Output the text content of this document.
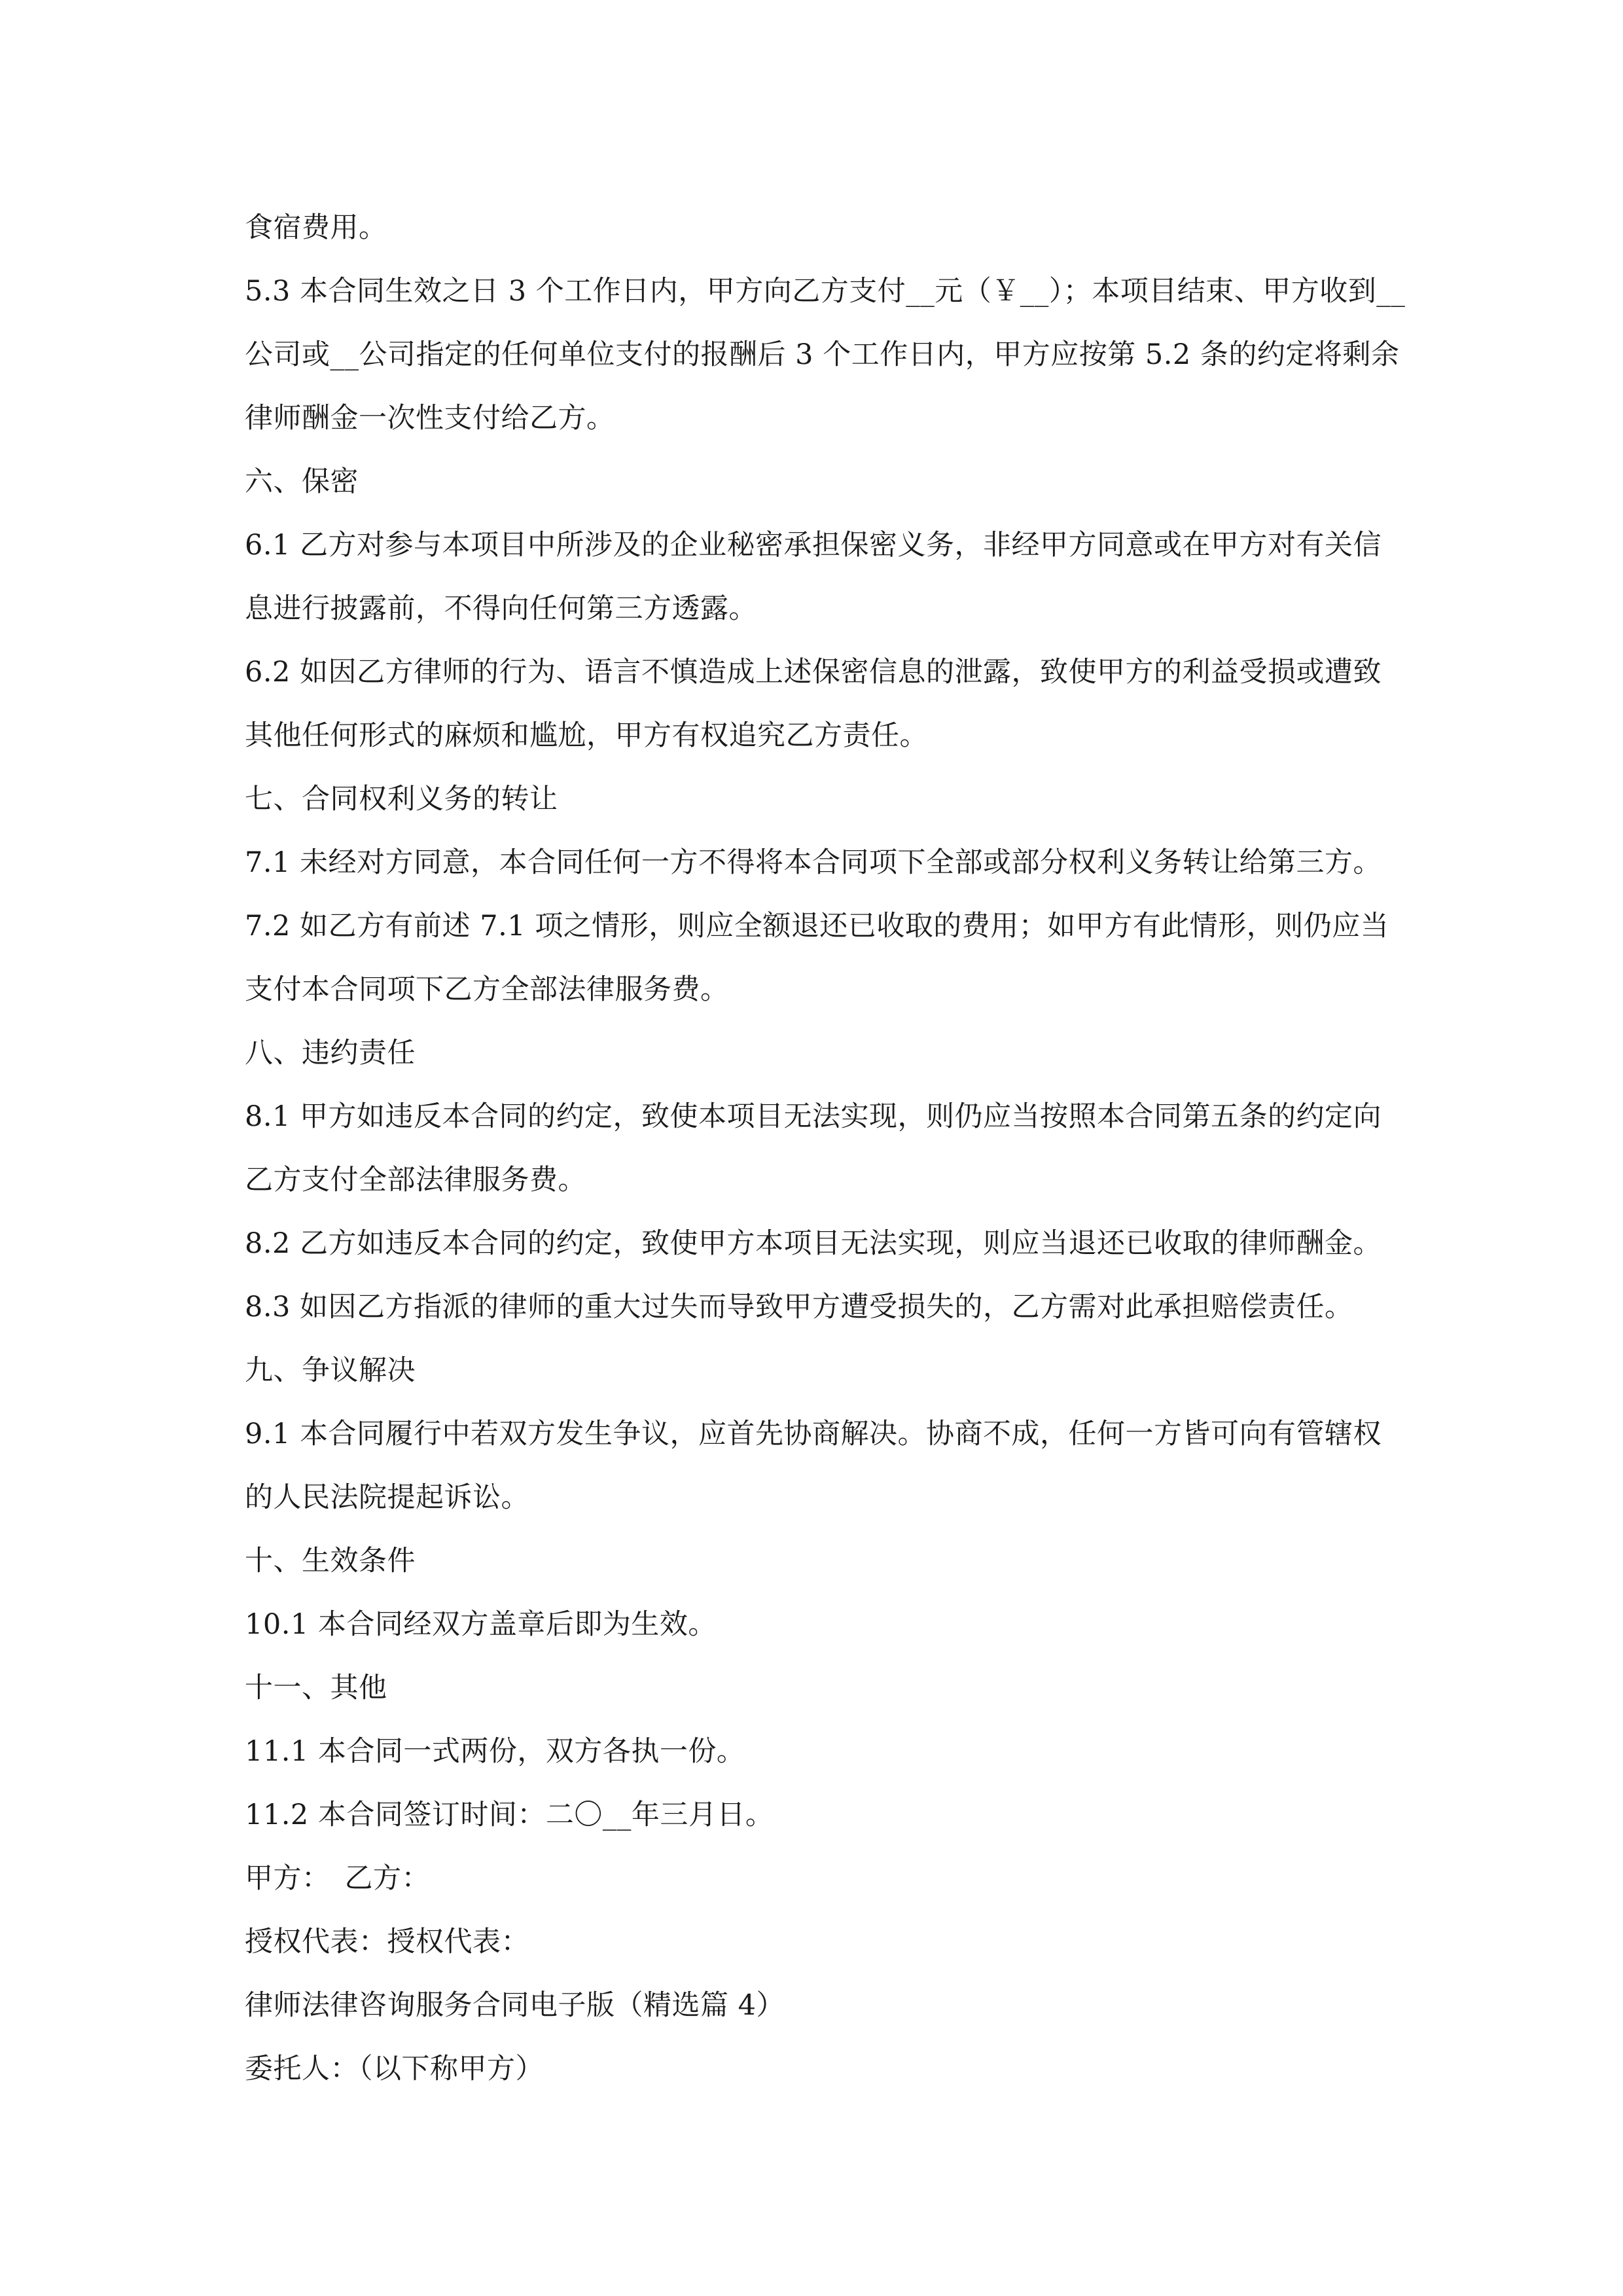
食宿费用。
5.3 本合同生效之日 3 个工作日内，甲方向乙方支付__元（￥__）；本项目结束、甲方收到__
公司或__公司指定的任何单位支付的报酬后 3 个工作日内，甲方应按第 5.2 条的约定将剩余
律师酬金一次性支付给乙方。
六、保密
6.1 乙方对参与本项目中所涉及的企业秘密承担保密义务，非经甲方同意或在甲方对有关信
息进行披露前，不得向任何第三方透露。
6.2 如因乙方律师的行为、语言不慎造成上述保密信息的泄露，致使甲方的利益受损或遭致
其他任何形式的麻烦和尴尬，甲方有权追究乙方责任。
七、合同权利义务的转让
7.1 未经对方同意，本合同任何一方不得将本合同项下全部或部分权利义务转让给第三方。
7.2 如乙方有前述 7.1 项之情形，则应全额退还已收取的费用；如甲方有此情形，则仍应当
支付本合同项下乙方全部法律服务费。
八、违约责任
8.1 甲方如违反本合同的约定，致使本项目无法实现，则仍应当按照本合同第五条的约定向
乙方支付全部法律服务费。
8.2 乙方如违反本合同的约定，致使甲方本项目无法实现，则应当退还已收取的律师酬金。
8.3 如因乙方指派的律师的重大过失而导致甲方遭受损失的，乙方需对此承担赔偿责任。
九、争议解决
9.1 本合同履行中若双方发生争议，应首先协商解决。协商不成，任何一方皆可向有管辖权
的人民法院提起诉讼。
十、生效条件
10.1 本合同经双方盖章后即为生效。
十一、其他
11.1 本合同一式两份，双方各执一份。
11.2 本合同签订时间：二〇__年三月日。
甲方：　乙方：
授权代表：授权代表：
律师法律咨询服务合同电子版（精选篇 4）
委托人：（以下称甲方）
